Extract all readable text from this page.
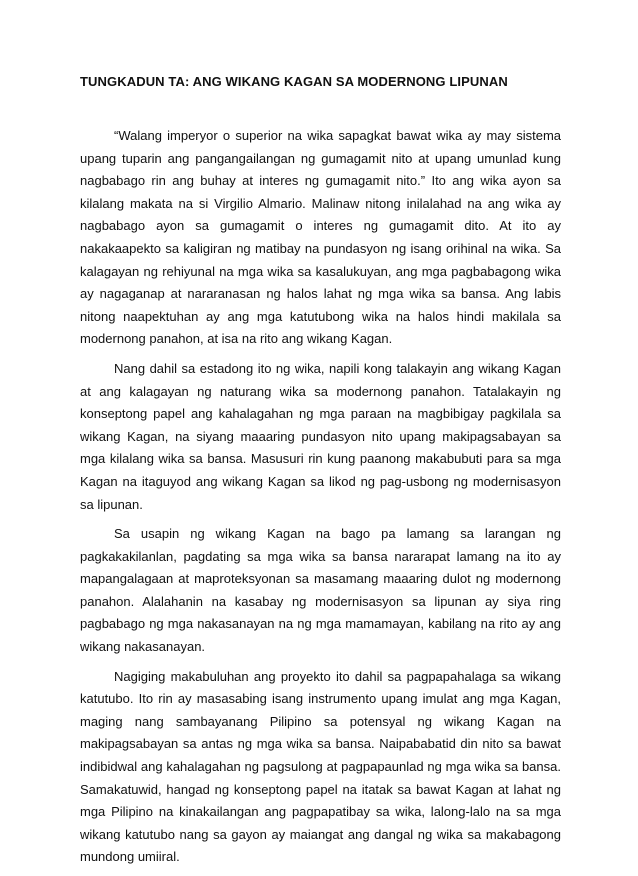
TUNGKADUN TA: ANG WIKANG KAGAN SA MODERNONG LIPUNAN

“Walang imperyor o superior na wika sapagkat bawat wika ay may sistema upang tuparin ang pangangailangan ng gumagamit nito at upang umunlad kung nagbabago rin ang buhay at interes ng gumagamit nito.” Ito ang wika ayon sa kilalang makata na si Virgilio Almario. Malinaw nitong inilalahad na ang wika ay nagbabago ayon sa gumagamit o interes ng gumagamit dito. At ito ay nakakaapekto sa kaligiran ng matibay na pundasyon ng isang orihinal na wika. Sa kalagayan ng rehiyunal na mga wika sa kasalukuyan, ang mga pagbabagong wika ay nagaganap at nararanasan ng halos lahat ng mga wika sa bansa. Ang labis nitong naapektuhan ay ang mga katutubong wika na halos hindi makilala sa modernong panahon, at isa na rito ang wikang Kagan.

Nang dahil sa estadong ito ng wika, napili kong talakayin ang wikang Kagan at ang kalagayan ng naturang wika sa modernong panahon. Tatalakayin ng konseptong papel ang kahalagahan ng mga paraan na magbibigay pagkilala sa wikang Kagan, na siyang maaaring pundasyon nito upang makipagsabayan sa mga kilalang wika sa bansa. Masusuri rin kung paanong makabubuti para sa mga Kagan na itaguyod ang wikang Kagan sa likod ng pag-usbong ng modernisasyon sa lipunan.

Sa usapin ng wikang Kagan na bago pa lamang sa larangan ng pagkakakilanlan, pagdating sa mga wika sa bansa nararapat lamang na ito ay mapangalagaan at maproteksyonan sa masamang maaaring dulot ng modernong panahon. Alalahanin na kasabay ng modernisasyon sa lipunan ay siya ring pagbabago ng mga nakasanayan na ng mga mamamayan, kabilang na rito ay ang wikang nakasanayan.

Nagiging makabuluhan ang proyekto ito dahil sa pagpapahalaga sa wikang katutubo. Ito rin ay masasabing isang instrumento upang imulat ang mga Kagan, maging nang sambayanang Pilipino sa potensyal ng wikang Kagan na makipagsabayan sa antas ng mga wika sa bansa. Naipababatid din nito sa bawat indibidwal ang kahalagahan ng pagsulong at pagpapaunlad ng mga wika sa bansa. Samakatuwid, hangad ng konseptong papel na itatak sa bawat Kagan at lahat ng mga Pilipino na kinakailangan ang pagpapatibay sa wika, lalong-lalo na sa mga wikang katutubo nang sa gayon ay maiangat ang dangal ng wika sa makabagong mundong umiiral.
